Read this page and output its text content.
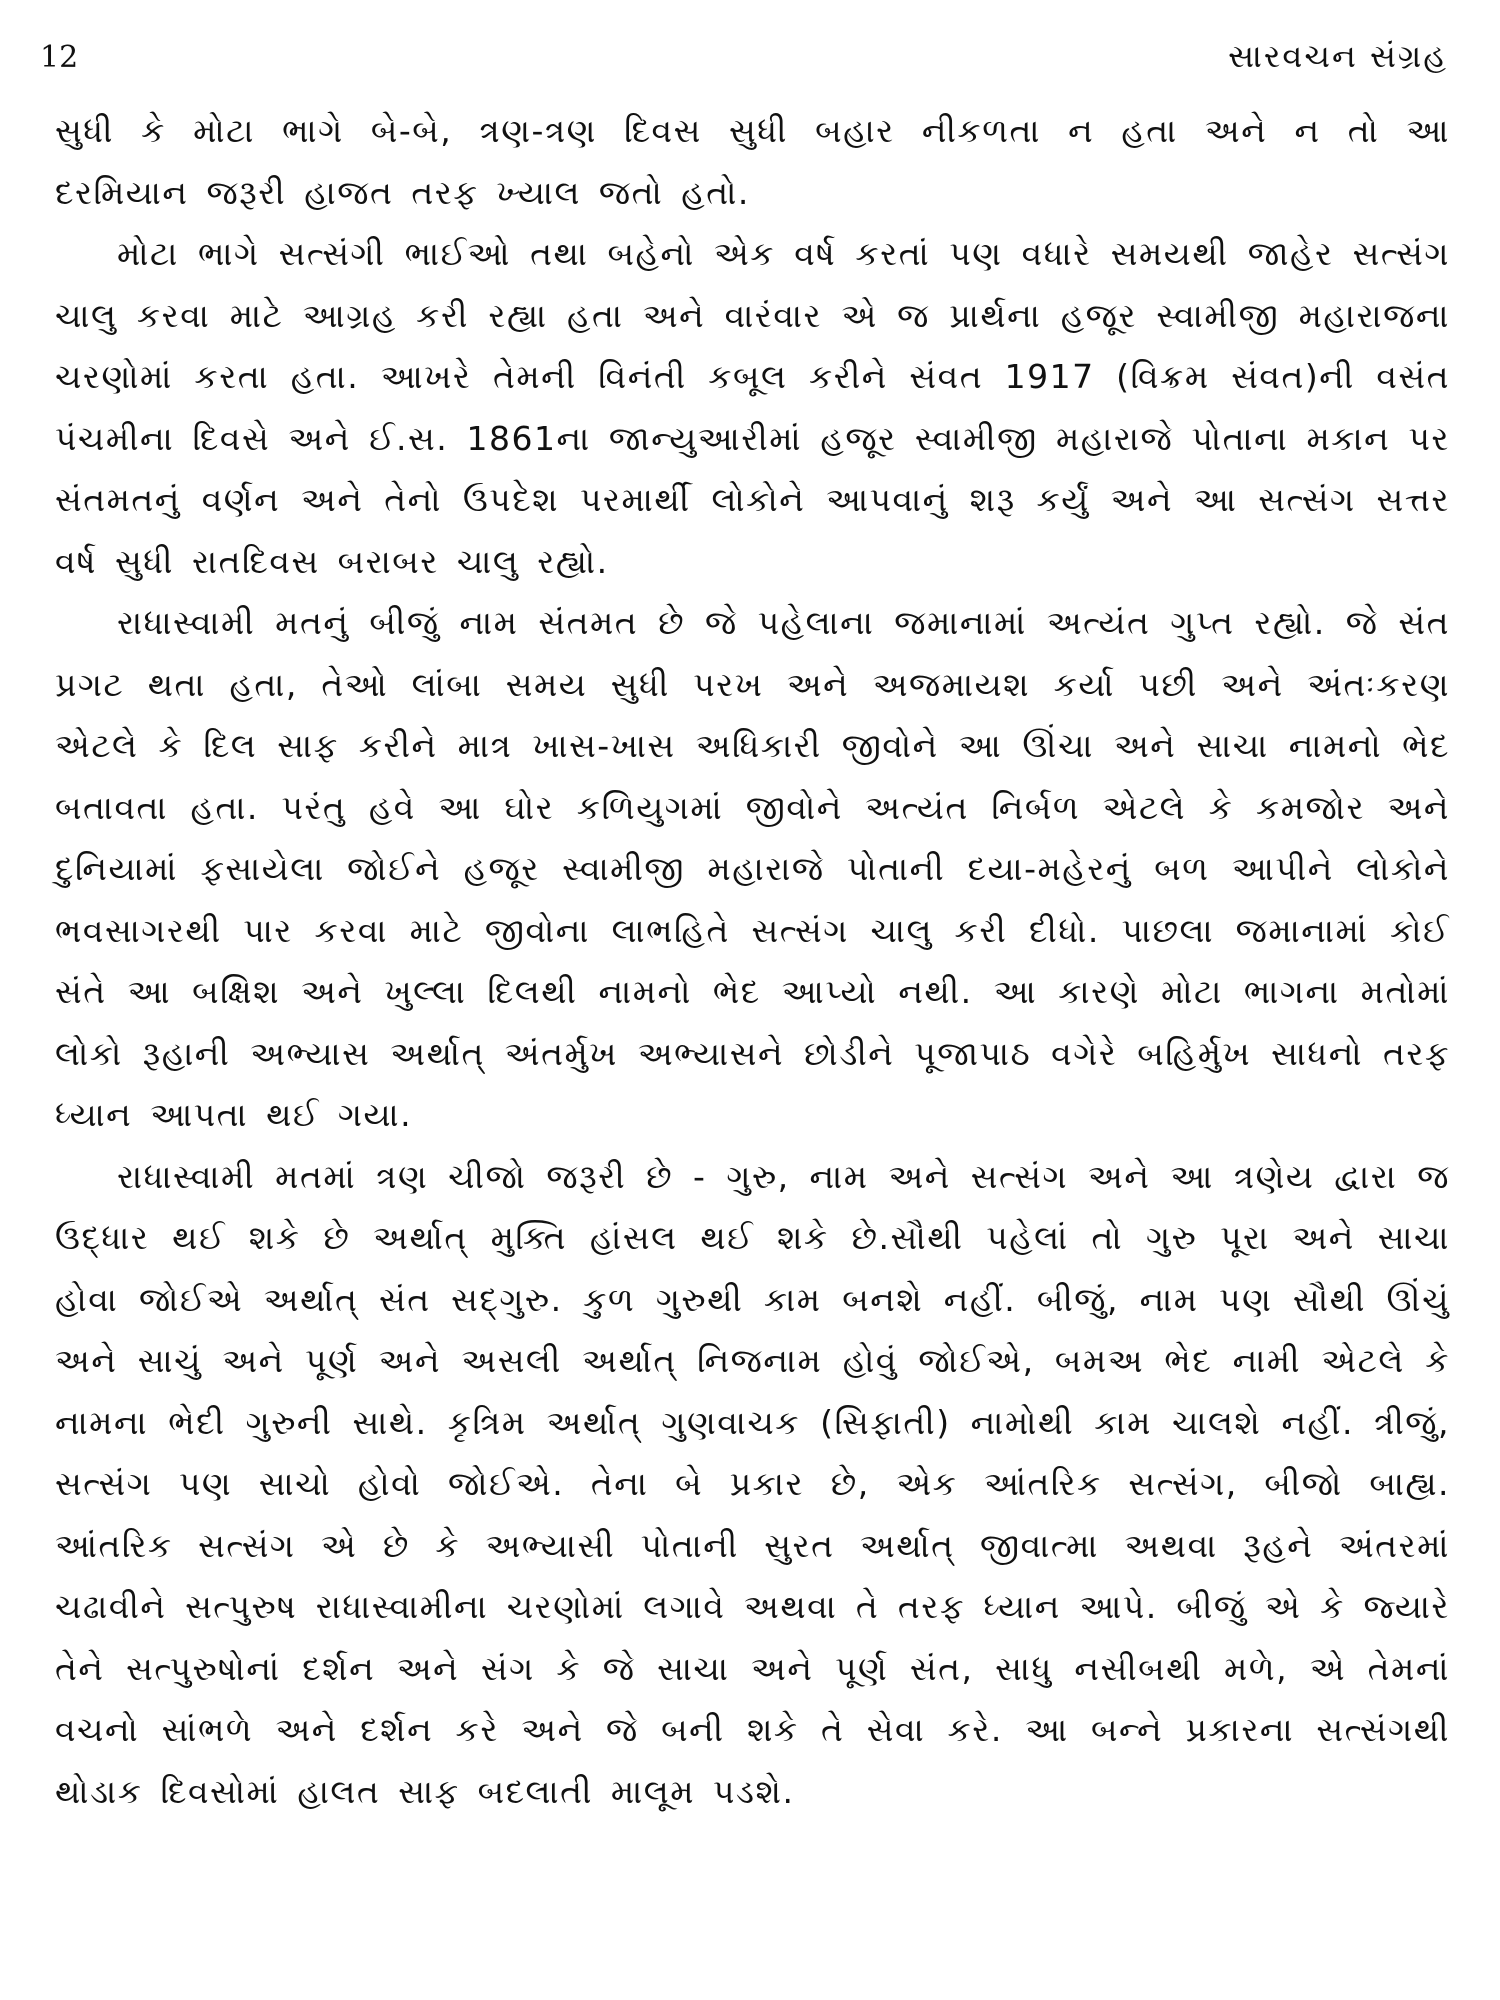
12	સારવચન સંગ્રહ

સુધી કે મોટા ભાગે બે-બે, ત્રણ-ત્રણ દિવસ સુધી બહાર નીકળતા ન હતા અને ન તો આ દરમિયાન જરૂરી હાજત તરફ ખ્યાલ જતો હતો.

મોટા ભાગે સત્સંગી ભાઈઓ તથા બહેનો એક વર્ષ કરતાં પણ વધારે સમયથી જાહેર સત્સંગ ચાલુ કરવા માટે આગ્રહ કરી રહ્યા હતા અને વારંવાર એ જ પ્રાર્થના હજૂર સ્વામીજી મહારાજના ચરણોમાં કરતા હતા. આખરે તેમની વિનંતી કબૂલ કરીને સંવત 1917 (વિક્રમ સંવત)ની વસંત પંચમીના દિવસે અને ઈ.સ. 1861ના જાન્યુઆરીમાં હજૂર સ્વામીજી મહારાજે પોતાના મકાન પર સંતમતનું વર્ણન અને તેનો ઉપદેશ પરમાર્થી લોકોને આપવાનું શરૂ કર્યું અને આ સત્સંગ સત્તર વર્ષ સુધી રાતદિવસ બરાબર ચાલુ રહ્યો.

રાધાસ્વામી મતનું બીજું નામ સંતમત છે જે પહેલાના જમાનામાં અત્યંત ગુપ્ત રહ્યો. જે સંત પ્રગટ થતા હતા, તેઓ લાંબા સમય સુધી પરખ અને અજમાયશ કર્યા પછી અને અંતઃકરણ એટલે કે દિલ સાફ કરીને માત્ર ખાસ-ખાસ અધિકારી જીવોને આ ઊંચા અને સાચા નામનો ભેદ બતાવતા હતા. પરંતુ હવે આ ઘોર કળિયુગમાં જીવોને અત્યંત નિર્બળ એટલે કે કમજોર અને દુનિયામાં ફસાયેલા જોઈને હજૂર સ્વામીજી મહારાજે પોતાની દયા-મહેરનું બળ આપીને લોકોને ભવસાગરથી પાર કરવા માટે જીવોના લાભહિતે સત્સંગ ચાલુ કરી દીધો. પાછલા જમાનામાં કોઈ સંતે આ બક્ષિશ અને ખુલ્લા દિલથી નામનો ભેદ આપ્યો નથી. આ કારણે મોટા ભાગના મતોમાં લોકો રૂહાની અભ્યાસ અર્થાત્ અંતર્મુખ અભ્યાસને છોડીને પૂજાપાઠ વગેરે બહિર્મુખ સાધનો તરફ ધ્યાન આપતા થઈ ગયા.

રાધાસ્વામી મતમાં ત્રણ ચીજો જરૂરી છે - ગુરુ, નામ અને સત્સંગ અને આ ત્રણેય દ્વારા જ ઉદ્ધાર થઈ શકે છે અર્થાત્ મુક્તિ હાંસલ થઈ શકે છે.સૌથી પહેલાં તો ગુરુ પૂરા અને સાચા હોવા જોઈએ અર્થાત્ સંત સદ્ગુરુ. કુળ ગુરુથી કામ બનશે નહીં. બીજું, નામ પણ સૌથી ઊંચું અને સાચું અને પૂર્ણ અને અસલી અર્થાત્ નિજનામ હોવું જોઈએ, બમઅ ભેદ નામી એટલે કે નામના ભેદી ગુરુની સાથે. કૃત્રિમ અર્થાત્ ગુણવાચક (સિફાતી) નામોથી કામ ચાલશે નહીં. ત્રીજું, સત્સંગ પણ સાચો હોવો જોઈએ. તેના બે પ્રકાર છે, એક આંતરિક સત્સંગ, બીજો બાહ્ય. આંતરિક સત્સંગ એ છે કે અભ્યાસી પોતાની સુરત અર્થાત્ જીવાત્મા અથવા રૂહને અંતરમાં ચઢાવીને સત્પુરુષ રાધાસ્વામીના ચરણોમાં લગાવે અથવા તે તરફ ધ્યાન આપે. બીજું એ કે જ્યારે તેને સત્પુરુષોનાં દર્શન અને સંગ કે જે સાચા અને પૂર્ણ સંત, સાધુ નસીબથી મળે, એ તેમનાં વચનો સાંભળે અને દર્શન કરે અને જે બની શકે તે સેવા કરે. આ બન્ને પ્રકારના સત્સંગથી થોડાક દિવસોમાં હાલત સાફ બદલાતી માલૂમ પડશે.
